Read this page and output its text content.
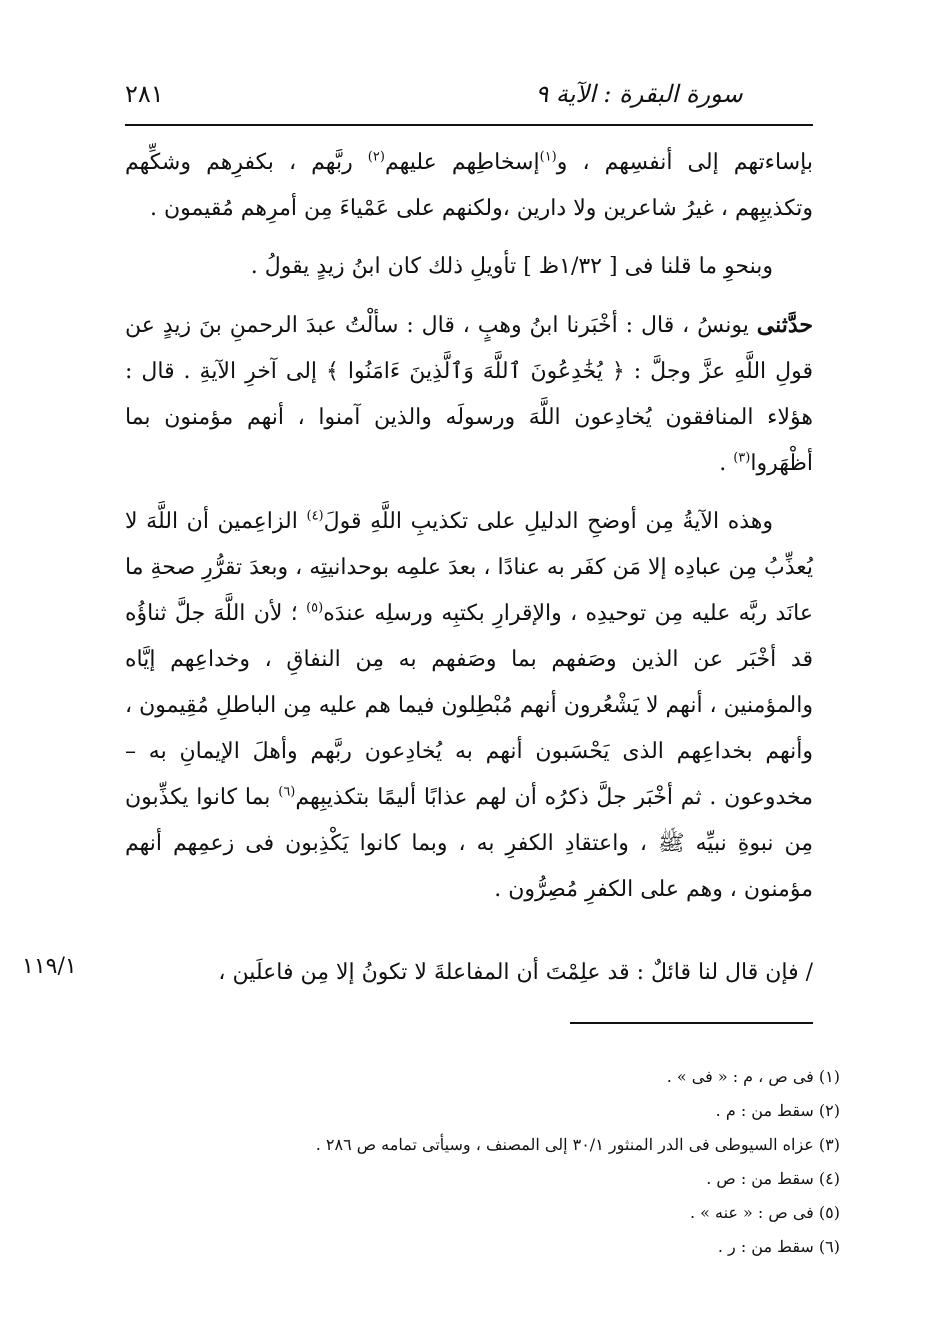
٢٨١	سورة البقرة : الآية ٩

بإساءتهم إلى أنفسِهم ، و$^{(١)}$إسخاطِهم عليهم$^{(٢)}$ ربَّهم ، بكفرِهم وشكِّهم وتكذيبِهم ، غيرُ شاعرين ولا دارين ،ولكنهم على عَمْياءَ مِن أمرِهم مُقيمون .

وبنحوِ ما قلنا فى [ ١/٣٢ظ ] تأويلِ ذلك كان ابنُ زيدٍ يقولُ .

حدَّثنى يونسُ ، قال : أخْبَرنا ابنُ وهبٍ ، قال : سألْتُ عبدَ الرحمنِ بنَ زيدٍ عن قولِ اللَّهِ عزَّ وجلَّ : ﴿ يُخَٰدِعُونَ ٱللَّهَ وَٱلَّذِينَ ءَامَنُوا ﴾ إلى آخرِ الآيةِ . قال : هؤلاء المنافقون يُخادِعون اللَّهَ ورسولَه والذين آمنوا ، أنهم مؤمنون بما أظْهَروا$^{(٣)}$ .

وهذه الآيةُ مِن أوضحِ الدليلِ على تكذيبِ اللَّهِ قولَ$^{(٤)}$ الزاعِمين أن اللَّهَ لا يُعذِّبُ مِن عبادِه إلا مَن كفَر به عنادًا ، بعدَ علمِه بوحدانيتِه ، وبعدَ تقرُّرِ صحةِ ما عانَد ربَّه عليه مِن توحيدِه ، والإقرارِ بكتبِه ورسلِه عندَه$^{(٥)}$ ؛ لأن اللَّهَ جلَّ ثناؤُه قد أخْبَر عن الذين وصَفهم بما وصَفهم به مِن النفاقِ ، وخداعِهم إيَّاه والمؤمنين ، أنهم لا يَشْعُرون أنهم مُبْطِلون فيما هم عليه مِن الباطلِ مُقِيمون ، وأنهم بخداعِهم الذى يَحْسَبون أنهم به يُخادِعون ربَّهم وأهلَ الإيمانِ به – مخدوعون . ثم أخْبَر جلَّ ذكرُه أن لهم عذابًا أليمًا بتكذيبِهم$^{(٦)}$ بما كانوا يكذِّبون مِن نبوةِ نبيِّه ﷺ ، واعتقادِ الكفرِ به ، وبما كانوا يَكْذِبون فى زعمِهم أنهم مؤمنون ، وهم على الكفرِ مُصِرُّون .

/ فإن قال لنا قائلٌ : قد علِمْتَ أن المفاعلةَ لا تكونُ إلا مِن فاعلَين ،
١١٩/١
(١) فى ص ، م : « فى » .
(٢) سقط من : م .
(٣) عزاه السيوطى فى الدر المنثور ٣٠/١ إلى المصنف ، وسيأتى تمامه ص ٢٨٦ .
(٤) سقط من : ص .
(٥) فى ص : « عنه » .
(٦) سقط من : ر .
